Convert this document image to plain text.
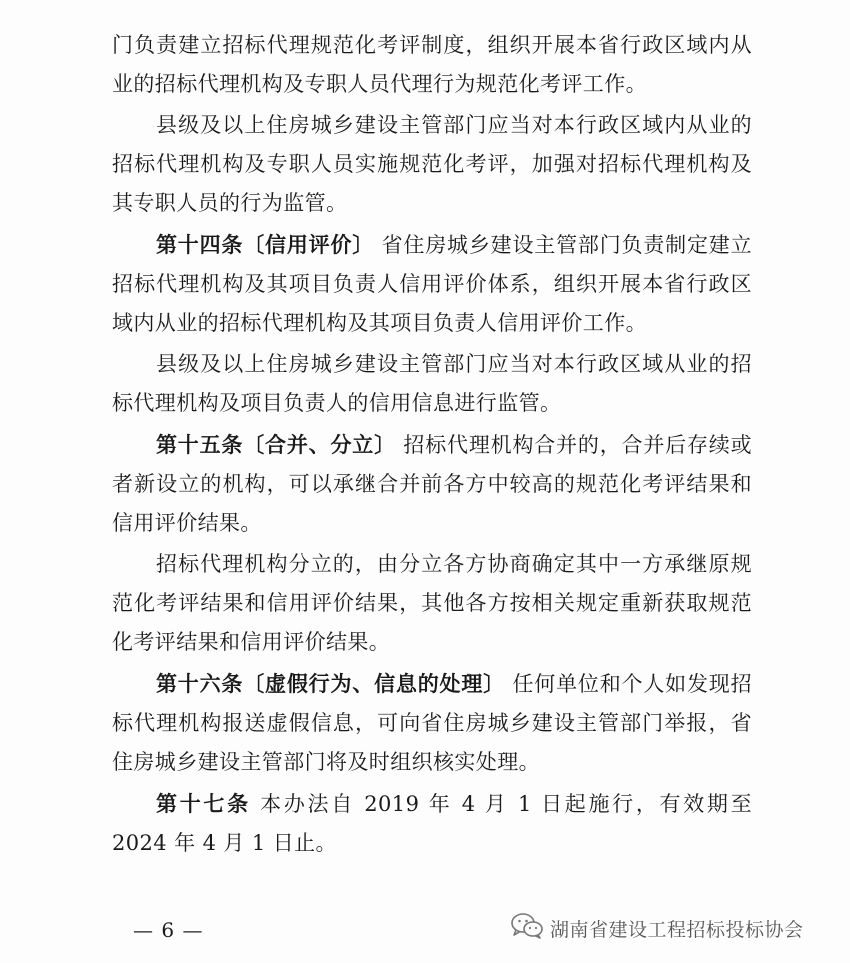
门负责建立招标代理规范化考评制度，组织开展本省行政区域内从业的招标代理机构及专职人员代理行为规范化考评工作。

县级及以上住房城乡建设主管部门应当对本行政区域内从业的招标代理机构及专职人员实施规范化考评，加强对招标代理机构及其专职人员的行为监管。

第十四条〔信用评价〕 省住房城乡建设主管部门负责制定建立招标代理机构及其项目负责人信用评价体系，组织开展本省行政区域内从业的招标代理机构及其项目负责人信用评价工作。

县级及以上住房城乡建设主管部门应当对本行政区域从业的招标代理机构及项目负责人的信用信息进行监管。

第十五条〔合并、分立〕 招标代理机构合并的，合并后存续或者新设立的机构，可以承继合并前各方中较高的规范化考评结果和信用评价结果。

招标代理机构分立的，由分立各方协商确定其中一方承继原规范化考评结果和信用评价结果，其他各方按相关规定重新获取规范化考评结果和信用评价结果。

第十六条〔虚假行为、信息的处理〕 任何单位和个人如发现招标代理机构报送虚假信息，可向省住房城乡建设主管部门举报，省住房城乡建设主管部门将及时组织核实处理。

第十七条 本办法自 2019 年 4 月 1 日起施行，有效期至 2024 年 4 月 1 日止。

— 6 —	湖南省建设工程招标投标协会
